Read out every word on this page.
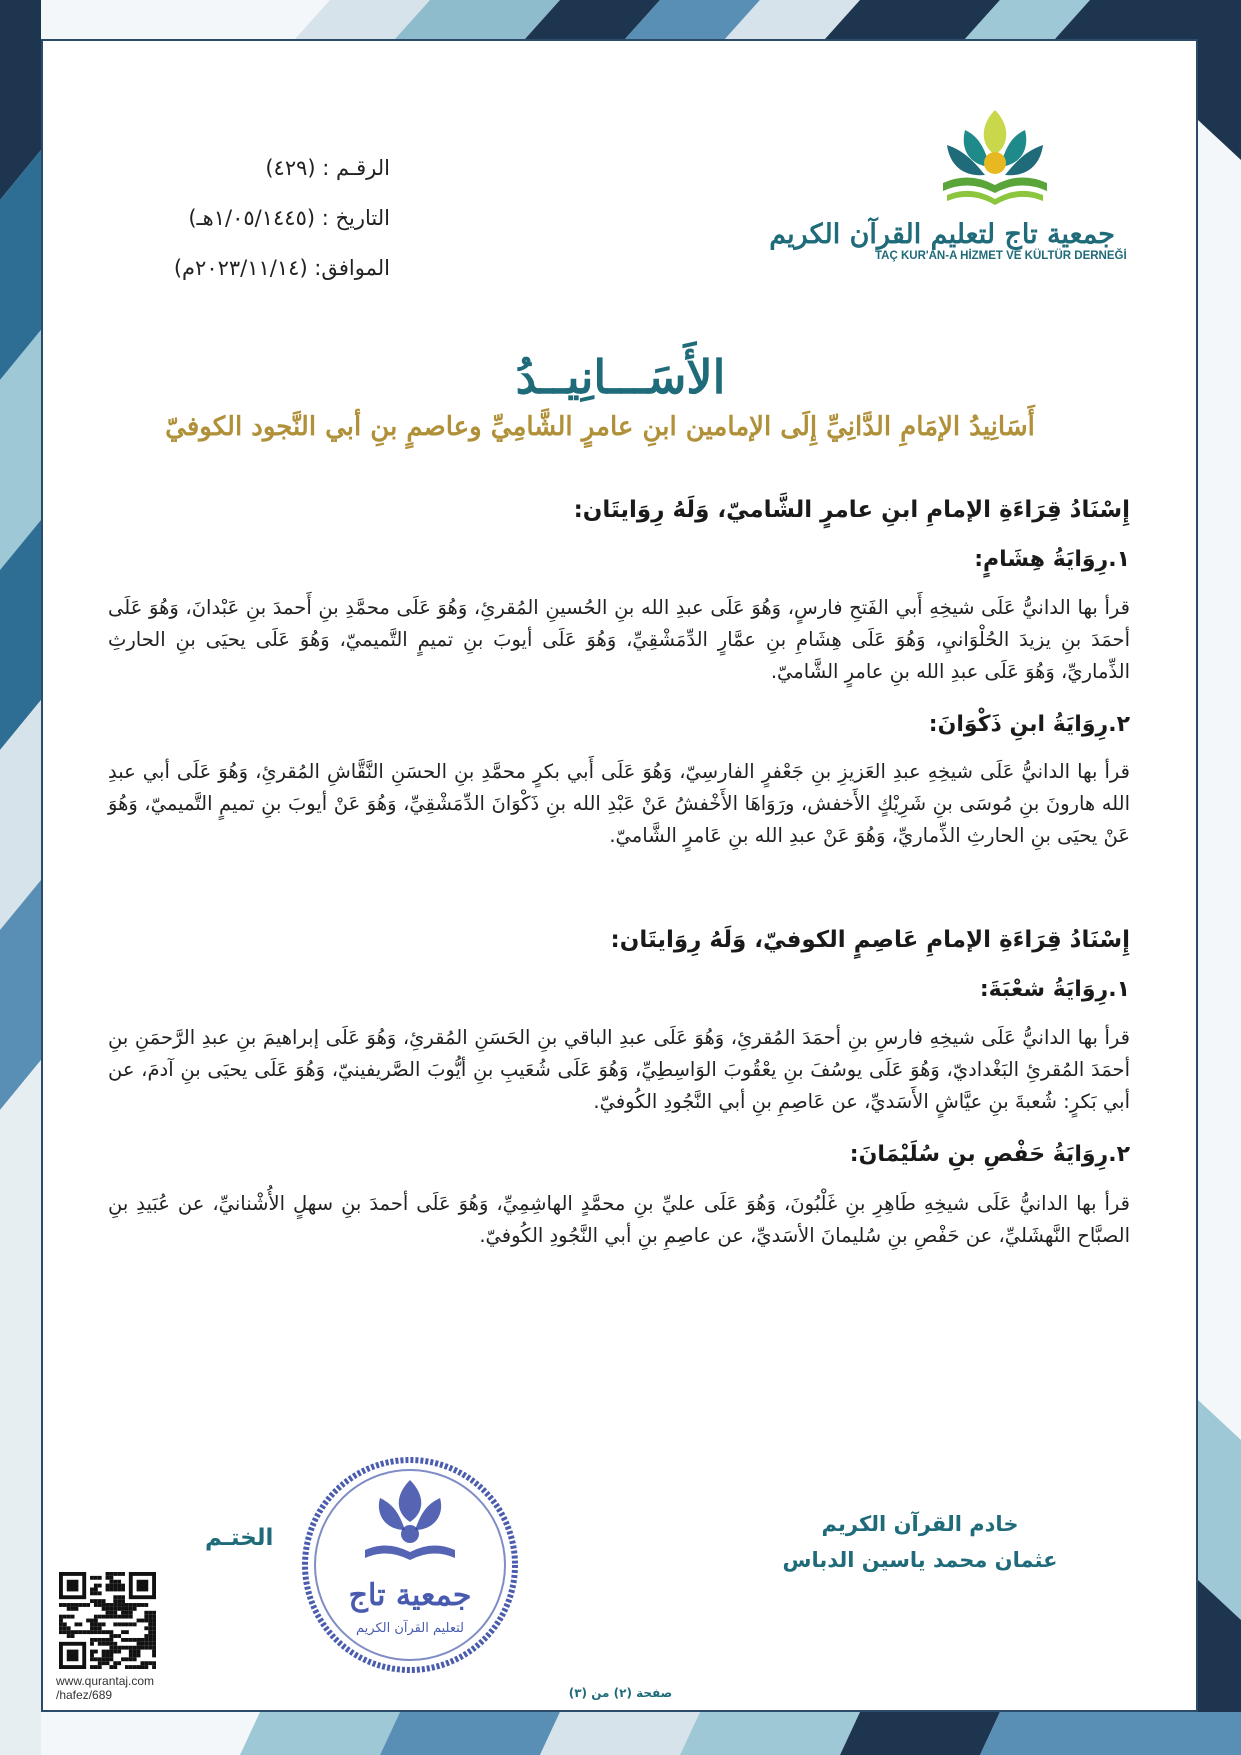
الرقـم : (٤٢٩)
التاريخ : (١/٠٥/١٤٤٥هـ)
الموافق: (٢٠٢٣/١١/١٤م)
جمعية تاج لتعليم القرآن الكريم
TAÇ KUR'AN-A HİZMET VE KÜLTÜR DERNEĞİ
الأَسَـــانِيــدُ
أَسَانِيدُ الإمَامِ الدَّانِيِّ إِلَى الإمامين ابنِ عامرٍ الشَّامِيِّ وعاصمٍ بنِ أبي النَّجود الكوفيّ
إِسْنَادُ قِرَاءَةِ الإمامِ ابنِ عامرٍ الشَّاميّ، وَلَهُ رِوَايتَان:
١.رِوَايَةُ هِشَامٍ:
قرأ بها الدانيُّ عَلَى شيخِهِ أَبي الفَتحِ فارسٍ، وَهُوَ عَلَى عبدِ الله بنِ الحُسينِ المُقرئِ، وَهُوَ عَلَى محمَّدِ بنِ أَحمدَ بنِ عَبْدانَ، وَهُوَ عَلَى أحمَدَ بنِ يزيدَ الحُلْوَانيِ، وَهُوَ عَلَى هِشَامِ بنِ عمَّارٍ الدِّمَشْقِيِّ، وَهُوَ عَلَى أيوبَ بنِ تميمٍ التَّميميّ، وَهُوَ عَلَى يحيَى بنِ الحارثِ الذِّماريِّ، وَهُوَ عَلَى عبدِ الله بنِ عامرٍ الشَّاميّ.
٢.رِوَايَةُ ابنِ ذَكْوَانَ:
قرأ بها الدانيُّ عَلَى شيخِهِ عبدِ العَزيزِ بنِ جَعْفرٍ الفارسِيّ، وَهُوَ عَلَى أَبي بكرٍ محمَّدِ بنِ الحسَنِ النَّقَّاشِ المُقرئِ، وَهُوَ عَلَى أبي عبدِ الله هارونَ بنِ مُوسَى بنِ شَرِيْكٍ الأَخفش، ورَوَاهَا الأَخْفشُ عَنْ عَبْدِ الله بنِ ذَكْوَانَ الدِّمَشْقِيِّ، وَهُوَ عَنْ أيوبَ بنِ تميمٍ التَّميميّ، وَهُوَ عَنْ يحيَى بنِ الحارثِ الذِّماريِّ، وَهُوَ عَنْ عبدِ الله بنِ عَامرٍ الشَّاميّ.
إِسْنَادُ قِرَاءَةِ الإمامِ عَاصِمٍ الكوفيّ، وَلَهُ رِوَايتَان:
١.رِوَايَةُ شعْبَةَ:
قرأ بها الدانيُّ عَلَى شيخِهِ فارسِ بنِ أحمَدَ المُقرئِ، وَهُوَ عَلَى عبدِ الباقي بنِ الحَسَنِ المُقرئِ، وَهُوَ عَلَى إبراهيمَ بنِ عبدِ الرَّحمَنِ بنِ أحمَدَ المُقرئِ البَغْداديّ، وَهُوَ عَلَى يوسُفَ بنِ يعْقُوبَ الوَاسِطِيِّ، وَهُوَ عَلَى شُعَيبِ بنِ أيُّوبَ الصَّريفينيّ، وَهُوَ عَلَى يحيَى بنِ آدمَ، عن أبي بَكرٍ: شُعبةَ بنِ عيَّاشٍ الأَسَديِّ، عن عَاصِمِ بنِ أبي النَّجُودِ الكُوفيّ.
٢.رِوَايَةُ حَفْصِ بنِ سُلَيْمَانَ:
قرأ بها الدانيُّ عَلَى شيخِهِ طَاهِرِ بنِ غَلْبُونَ، وَهُوَ عَلَى عليِّ بنِ محمَّدٍ الهاشِمِيِّ، وَهُوَ عَلَى أحمدَ بنِ سهلٍ الأُشْنانيِّ، عن عُبَيدِ بنِ الصبَّاح النَّهشَليِّ، عن حَفْصِ بنِ سُليمانَ الأسَديِّ، عن عاصِمِ بنِ أبي النَّجُودِ الكُوفيّ.
خادم القرآن الكريم
عثمان محمد ياسين الدباس
الختـم
جمعية تاج
لتعليم القرآن الكريم
www.qurantaj.com
/hafez/689	صفحة (٢) من (٣)
